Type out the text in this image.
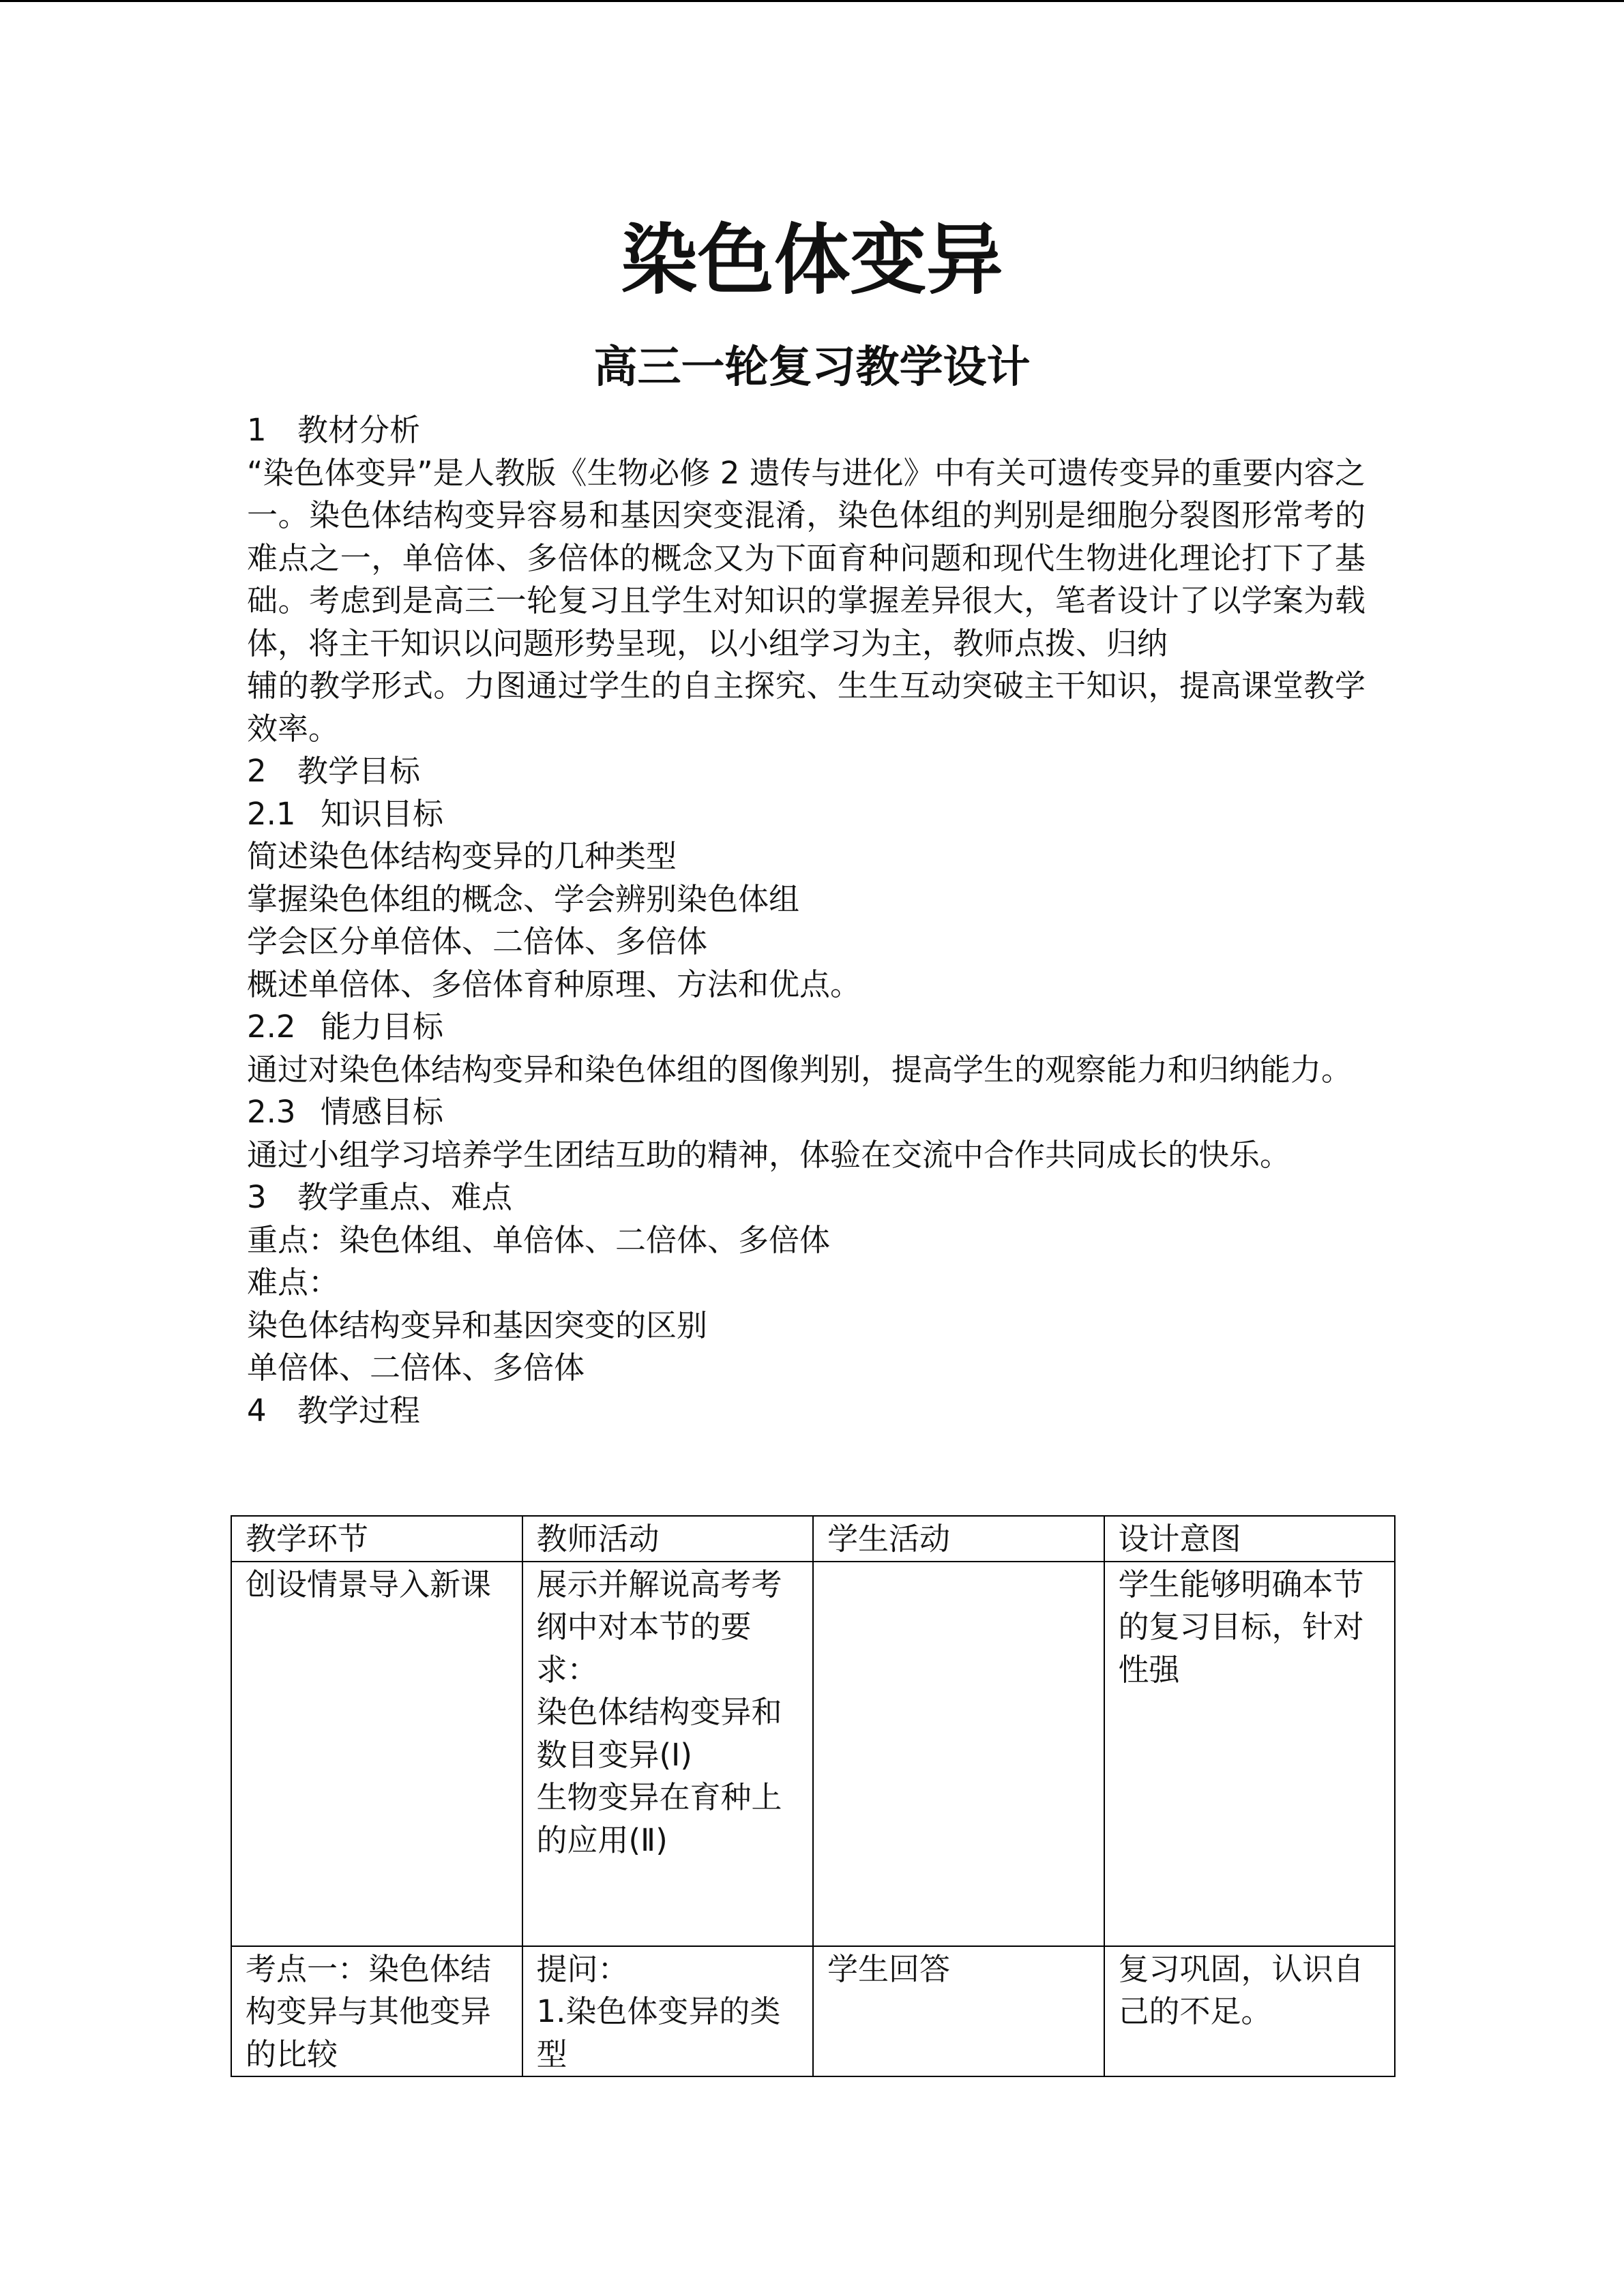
染色体变异
高三一轮复习教学设计

1 教材分析

“染色体变异”是人教版《生物必修 2 遗传与进化》中有关可遗传变异的重要内容之一。染色体结构变异容易和基因突变混淆，染色体组的判别是细胞分裂图形常考的难点之一，单倍体、多倍体的概念又为下面育种问题和现代生物进化理论打下了基础。考虑到是高三一轮复习且学生对知识的掌握差异很大，笔者设计了以学案为载体，将主干知识以问题形势呈现，以小组学习为主，教师点拨、归纳

辅的教学形式。力图通过学生的自主探究、生生互动突破主干知识，提高课堂教学效率。

2 教学目标

2.1 知识目标

简述染色体结构变异的几种类型

掌握染色体组的概念、学会辨别染色体组

学会区分单倍体、二倍体、多倍体

概述单倍体、多倍体育种原理、方法和优点。

2.2 能力目标

通过对染色体结构变异和染色体组的图像判别，提高学生的观察能力和归纳能力。

2.3 情感目标

通过小组学习培养学生团结互助的精神，体验在交流中合作共同成长的快乐。

3 教学重点、难点

重点：染色体组、单倍体、二倍体、多倍体

难点：

染色体结构变异和基因突变的区别

单倍体、二倍体、多倍体

4 教学过程

教学环节	教师活动	学生活动	设计意图
创设情景导入新课	展示并解说高考考纲中对本节的要求：
染色体结构变异和数目变异(Ⅰ)
生物变异在育种上的应用(Ⅱ)		学生能够明确本节的复习目标，针对性强
考点一：染色体结构变异与其他变异的比较	提问：
1.染色体变异的类型	学生回答	复习巩固，认识自己的不足。
